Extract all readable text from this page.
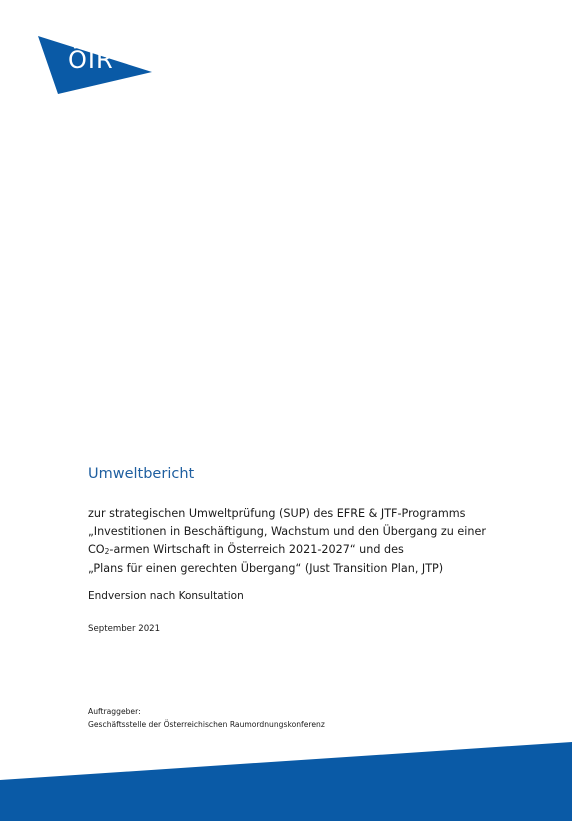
ÖIR
Umweltbericht
zur strategischen Umweltprüfung (SUP) des EFRE & JTF-Programms
„Investitionen in Beschäftigung, Wachstum und den Übergang zu einer
$CO_2$-armen Wirtschaft in Österreich 2021-2027“ und des
„Plans für einen gerechten Übergang“ (Just Transition Plan, JTP)
Endversion nach Konsultation
September 2021
Auftraggeber:
Geschäftsstelle der Österreichischen Raumordnungskonferenz
